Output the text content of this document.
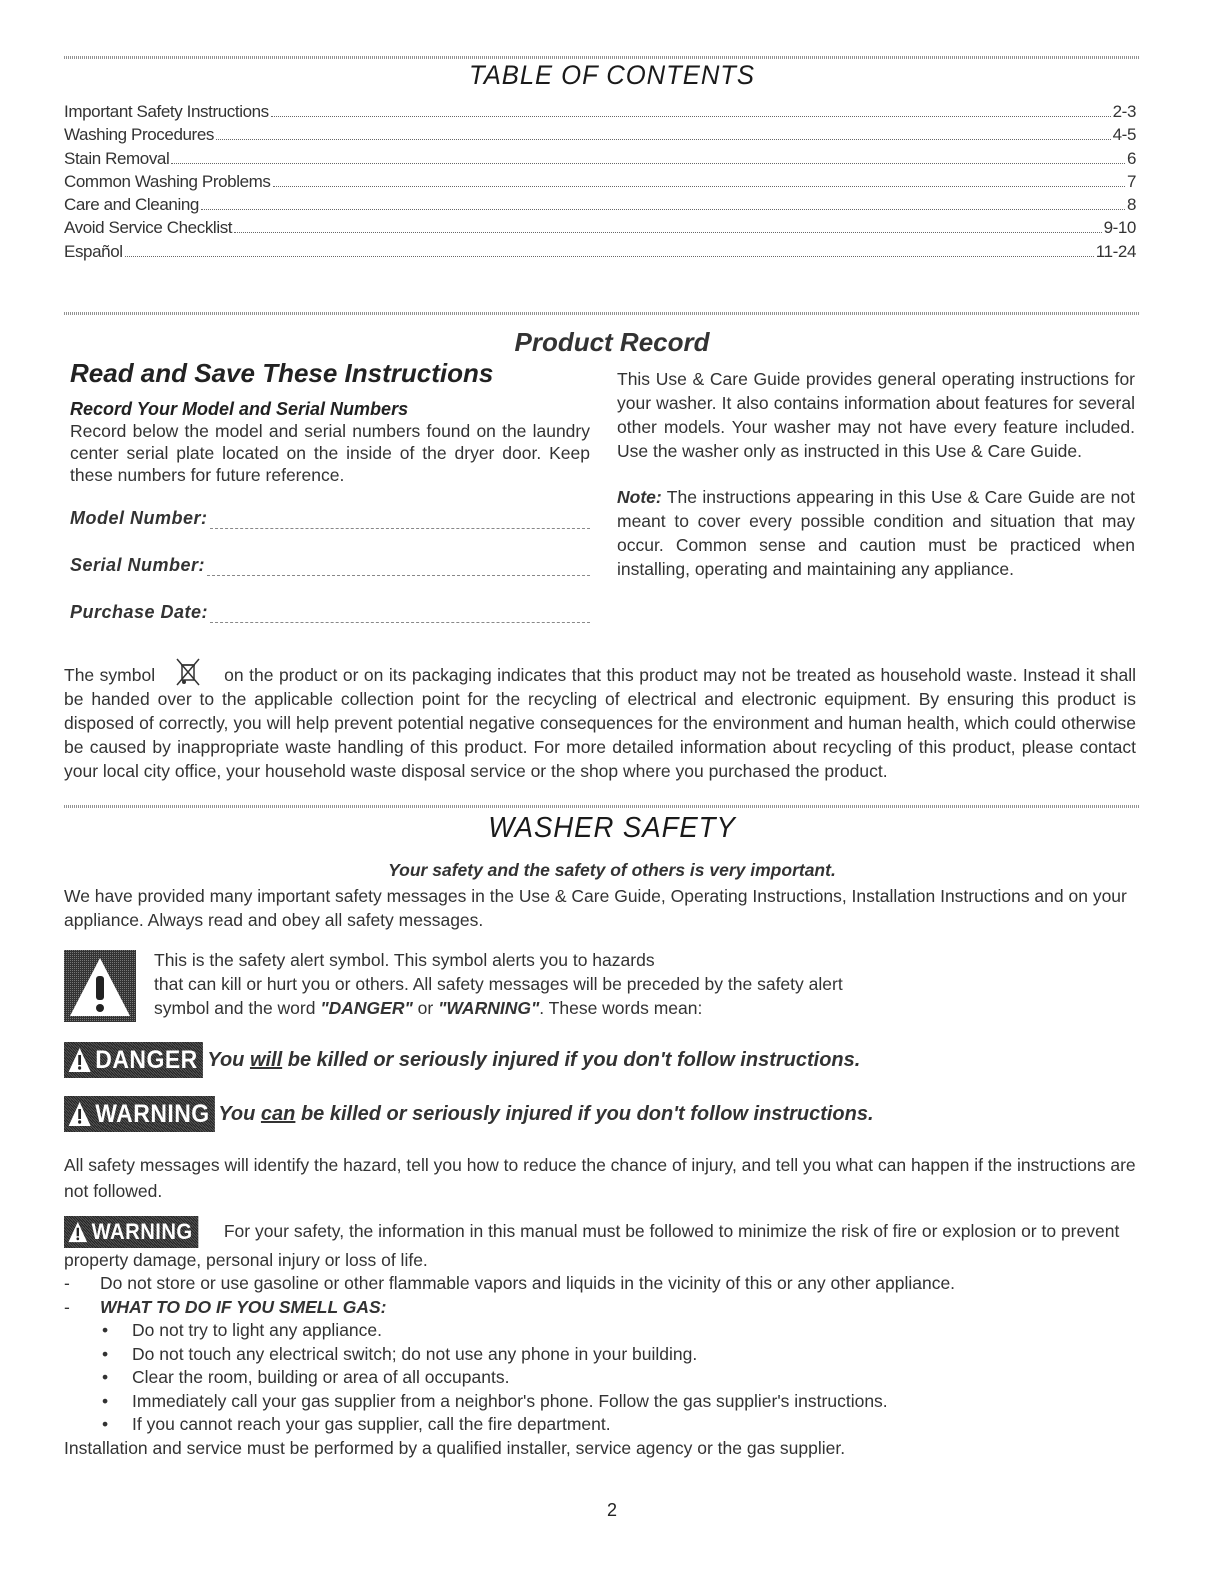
TABLE OF CONTENTS
Important Safety Instructions	2-3
Washing Procedures	4-5
Stain Removal	6
Common Washing Problems	7
Care and Cleaning	8
Avoid Service Checklist	9-10
Español	11-24
Product Record
Read and Save These Instructions
Record Your Model and Serial Numbers
Record below the model and serial numbers found on the laundry center serial plate located on the inside of the dryer door. Keep these numbers for future reference.
Model Number:
Serial Number:
Purchase Date:
This Use & Care Guide provides general operating instructions for your washer. It also contains information about features for several other models. Your washer may not have every feature included. Use the washer only as instructed in this Use & Care Guide.
Note: The instructions appearing in this Use & Care Guide are not meant to cover every possible condition and situation that may occur. Common sense and caution must be practiced when installing, operating and maintaining any appliance.
The symbol	on the product or on its packaging indicates that this product may not be treated as household waste. Instead it shall be handed over to the applicable collection point for the recycling of electrical and electronic equipment. By ensuring this product is disposed of correctly, you will help prevent potential negative consequences for the environment and human health, which could otherwise be caused by inappropriate waste handling of this product. For more detailed information about recycling of this product, please contact your local city office, your household waste disposal service or the shop where you purchased the product.
WASHER SAFETY
Your safety and the safety of others is very important.
We have provided many important safety messages in the Use & Care Guide, Operating Instructions, Installation Instructions and on your appliance. Always read and obey all safety messages.
This is the safety alert symbol. This symbol alerts you to hazards
that can kill or hurt you or others. All safety messages will be preceded by the safety alert
symbol and the word "DANGER" or "WARNING". These words mean:
DANGER You will be killed or seriously injured if you don't follow instructions.
WARNING You can be killed or seriously injured if you don't follow instructions.
All safety messages will identify the hazard, tell you how to reduce the chance of injury, and tell you what can happen if the instructions are not followed.
WARNING For your safety, the information in this manual must be followed to minimize the risk of fire or explosion or to prevent property damage, personal injury or loss of life.
-	Do not store or use gasoline or other flammable vapors and liquids in the vicinity of this or any other appliance.
-	WHAT TO DO IF YOU SMELL GAS:
•	Do not try to light any appliance.
•	Do not touch any electrical switch; do not use any phone in your building.
•	Clear the room, building or area of all occupants.
•	Immediately call your gas supplier from a neighbor's phone. Follow the gas supplier's instructions.
•	If you cannot reach your gas supplier, call the fire department.
Installation and service must be performed by a qualified installer, service agency or the gas supplier.
2
